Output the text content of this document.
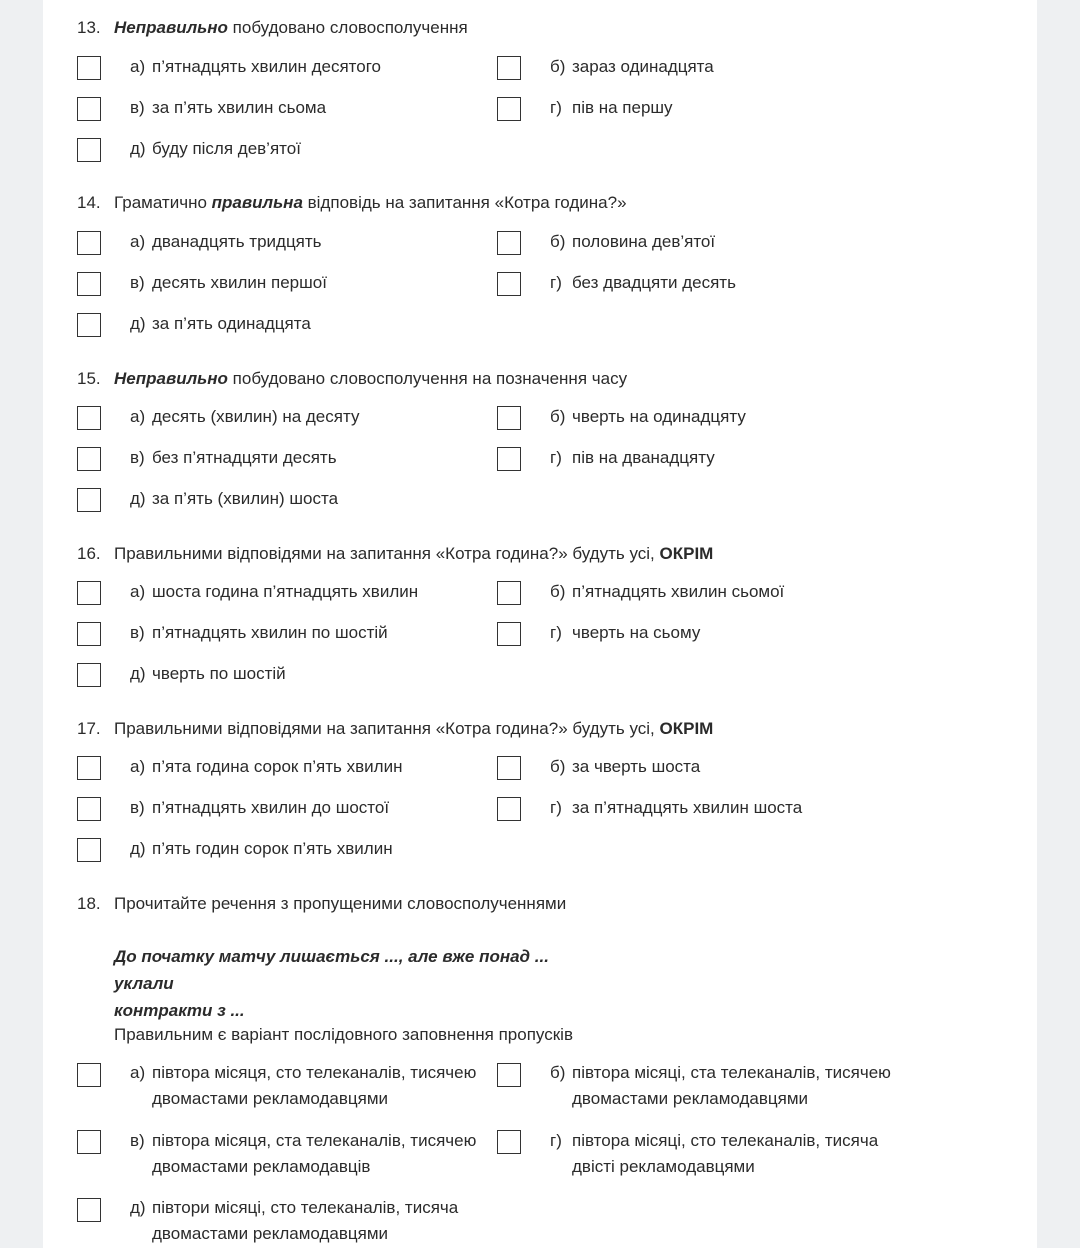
13. Неправильно побудовано словосполучення
а) п’ятнадцять хвилин десятого	б) зараз одинадцята
в) за п’ять хвилин сьома	г) пів на першу
д) буду після дев’ятої
14. Граматично правильна відповідь на запитання «Котра година?»
а) дванадцять тридцять	б) половина дев’ятої
в) десять хвилин першої	г) без двадцяти десять
д) за п’ять одинадцята
15. Неправильно побудовано словосполучення на позначення часу
а) десять (хвилин) на десяту	б) чверть на одинадцяту
в) без п’ятнадцяти десять	г) пів на дванадцяту
д) за п’ять (хвилин) шоста
16. Правильними відповідями на запитання «Котра година?» будуть усі, ОКРІМ
а) шоста година п’ятнадцять хвилин	б) п’ятнадцять хвилин сьомої
в) п’ятнадцять хвилин по шостій	г) чверть на сьому
д) чверть по шостій
17. Правильними відповідями на запитання «Котра година?» будуть усі, ОКРІМ
а) п’ята година сорок п’ять хвилин	б) за чверть шоста
в) п’ятнадцять хвилин до шостої	г) за п’ятнадцять хвилин шоста
д) п’ять годин сорок п’ять хвилин
18. Прочитайте речення з пропущеними словосполученнями
До початку матчу лишається ..., але вже понад ... уклали
контракти з ...
Правильним є варіант послідовного заповнення пропусків
а) півтора місяця, сто телеканалів, тисячею
двомастами рекламодавцями
б) півтора місяці, ста телеканалів, тисячею
двомастами рекламодавцями
в) півтора місяця, ста телеканалів, тисячею
двомастами рекламодавців
г) півтора місяці, сто телеканалів, тисяча
двісті рекламодавцями
д) півтори місяці, сто телеканалів, тисяча
двомастами рекламодавцями
